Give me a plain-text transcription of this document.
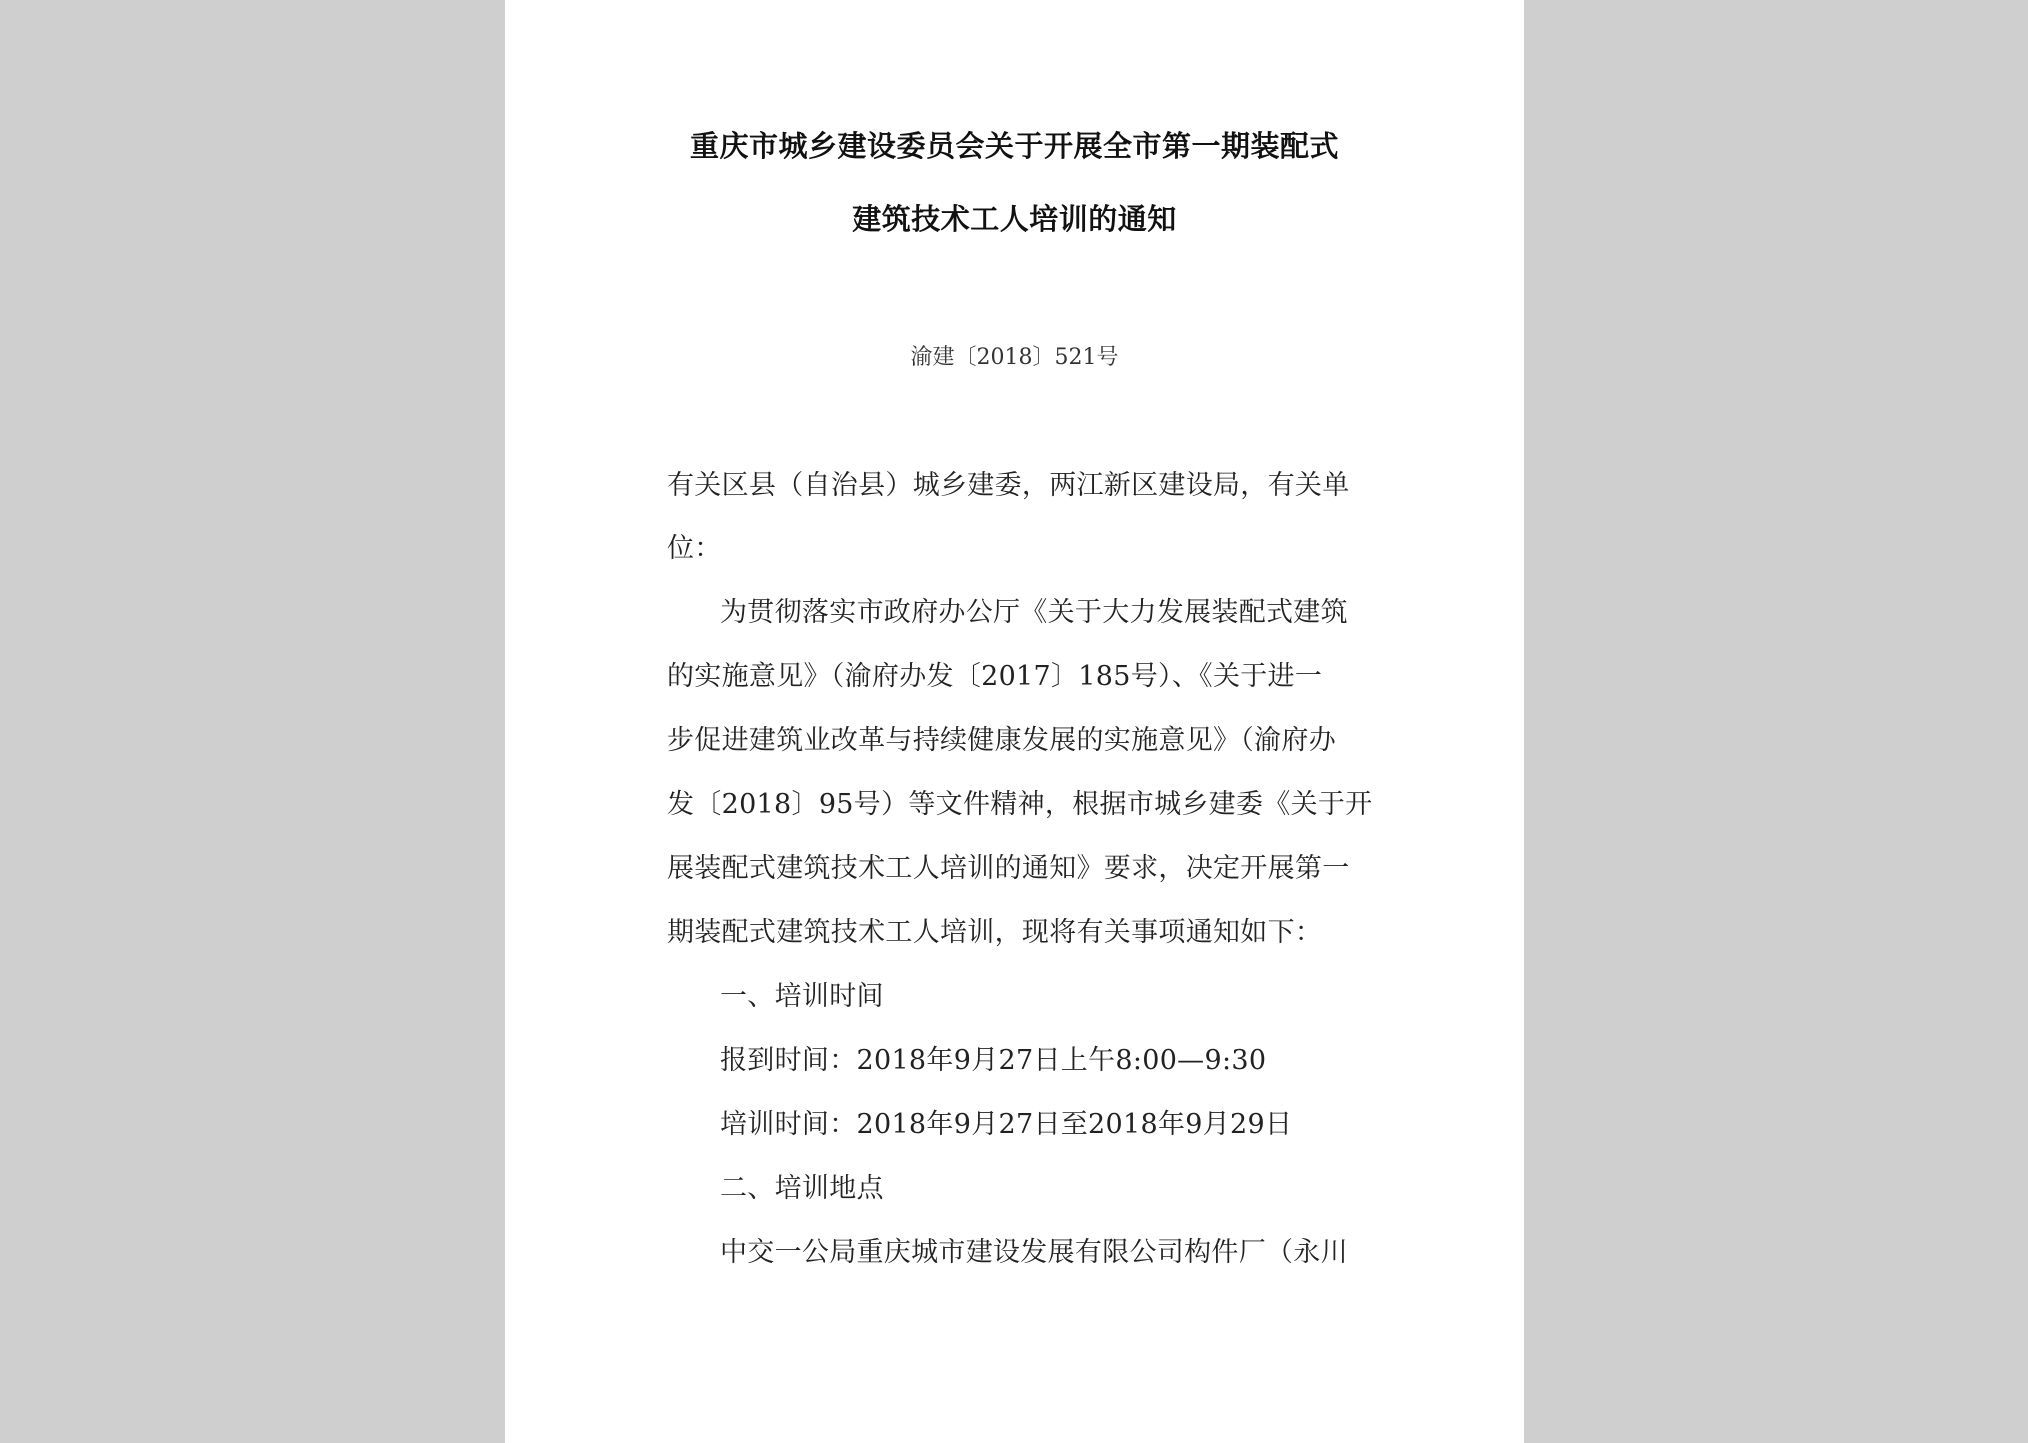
重庆市城乡建设委员会关于开展全市第一期装配式
建筑技术工人培训的通知
渝建〔2018〕521号
有关区县（自治县）城乡建委，两江新区建设局，有关单
位：
为贯彻落实市政府办公厅《关于大力发展装配式建筑
的实施意见》（渝府办发〔2017〕185号）、《关于进一
步促进建筑业改革与持续健康发展的实施意见》（渝府办
发〔2018〕95号）等文件精神，根据市城乡建委《关于开
展装配式建筑技术工人培训的通知》要求，决定开展第一
期装配式建筑技术工人培训，现将有关事项通知如下：
一、培训时间
报到时间：2018年9月27日上午8:00—9:30
培训时间：2018年9月27日至2018年9月29日
二、培训地点
中交一公局重庆城市建设发展有限公司构件厂（永川
